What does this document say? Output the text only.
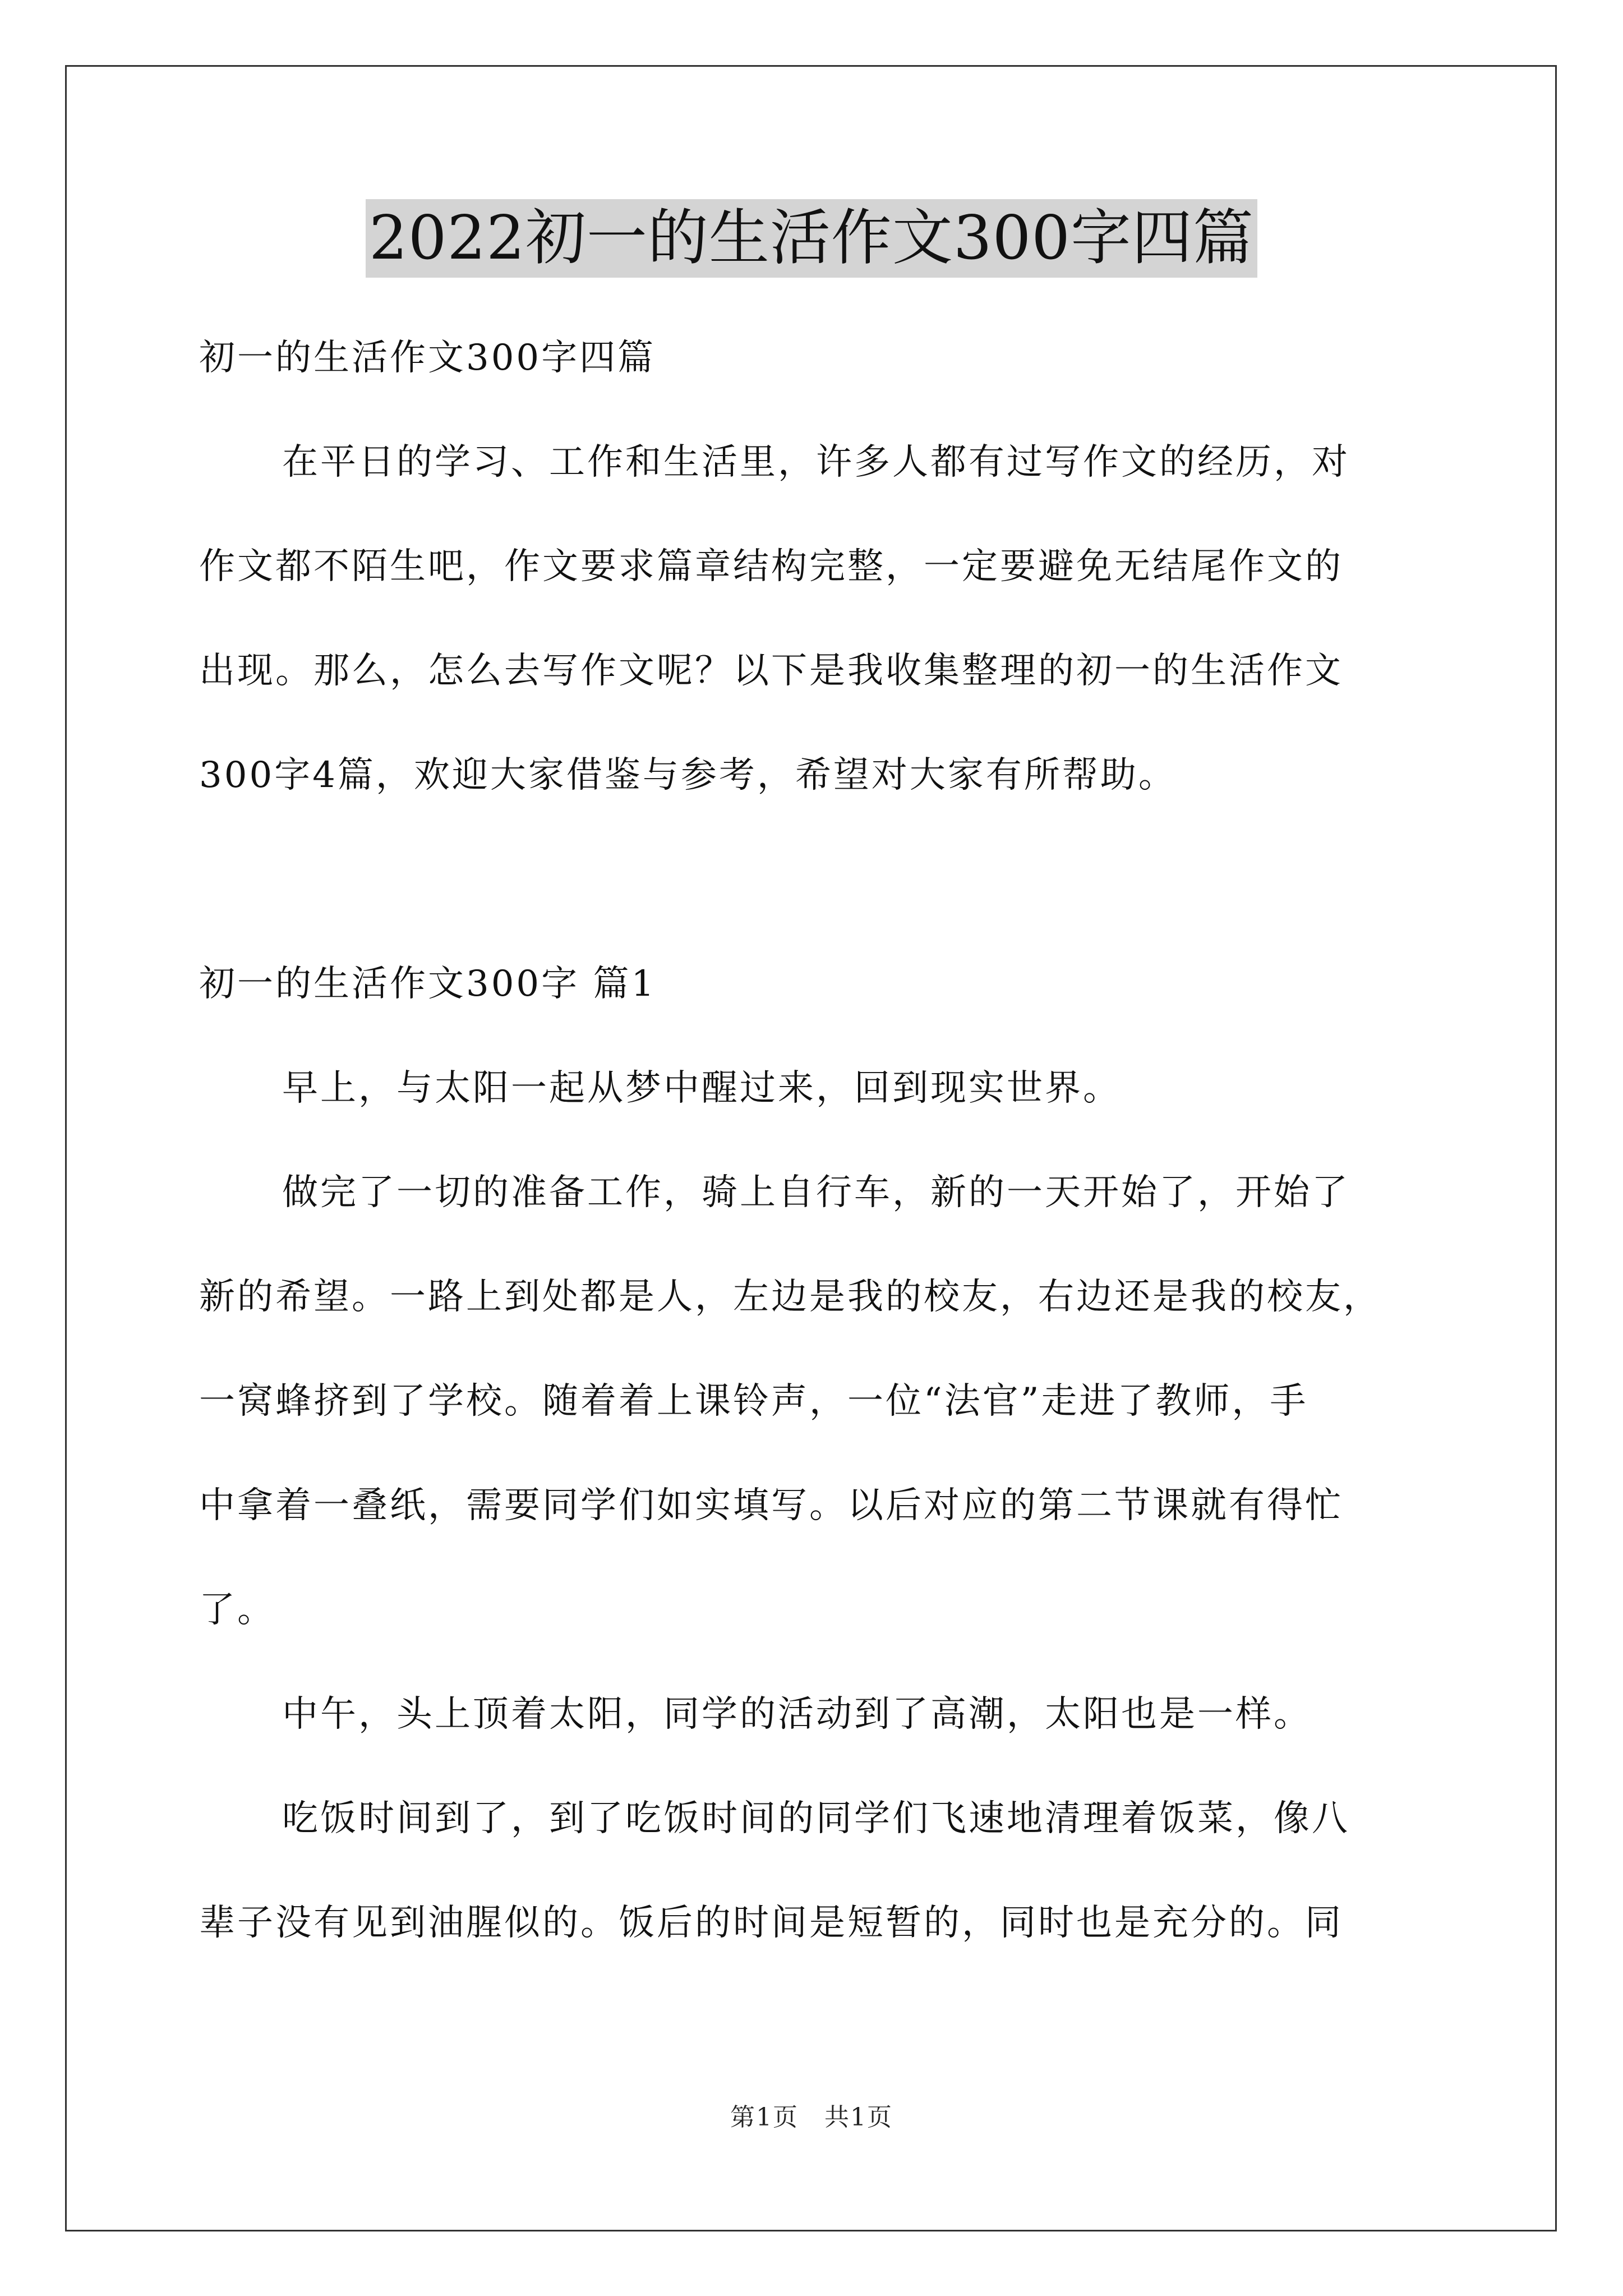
2022初一的生活作文300字四篇
初一的生活作文300字四篇
在平日的学习、工作和生活里，许多人都有过写作文的经历，对
作文都不陌生吧，作文要求篇章结构完整，一定要避免无结尾作文的
出现。那么，怎么去写作文呢？以下是我收集整理的初一的生活作文
300字4篇，欢迎大家借鉴与参考，希望对大家有所帮助。
初一的生活作文300字 篇1
早上，与太阳一起从梦中醒过来，回到现实世界。
做完了一切的准备工作，骑上自行车，新的一天开始了，开始了
新的希望。一路上到处都是人，左边是我的校友，右边还是我的校友，
一窝蜂挤到了学校。随着着上课铃声，一位“法官”走进了教师，手
中拿着一叠纸，需要同学们如实填写。以后对应的第二节课就有得忙
了。
中午，头上顶着太阳，同学的活动到了高潮，太阳也是一样。
吃饭时间到了，到了吃饭时间的同学们飞速地清理着饭菜，像八
辈子没有见到油腥似的。饭后的时间是短暂的，同时也是充分的。同
第1页 共1页
